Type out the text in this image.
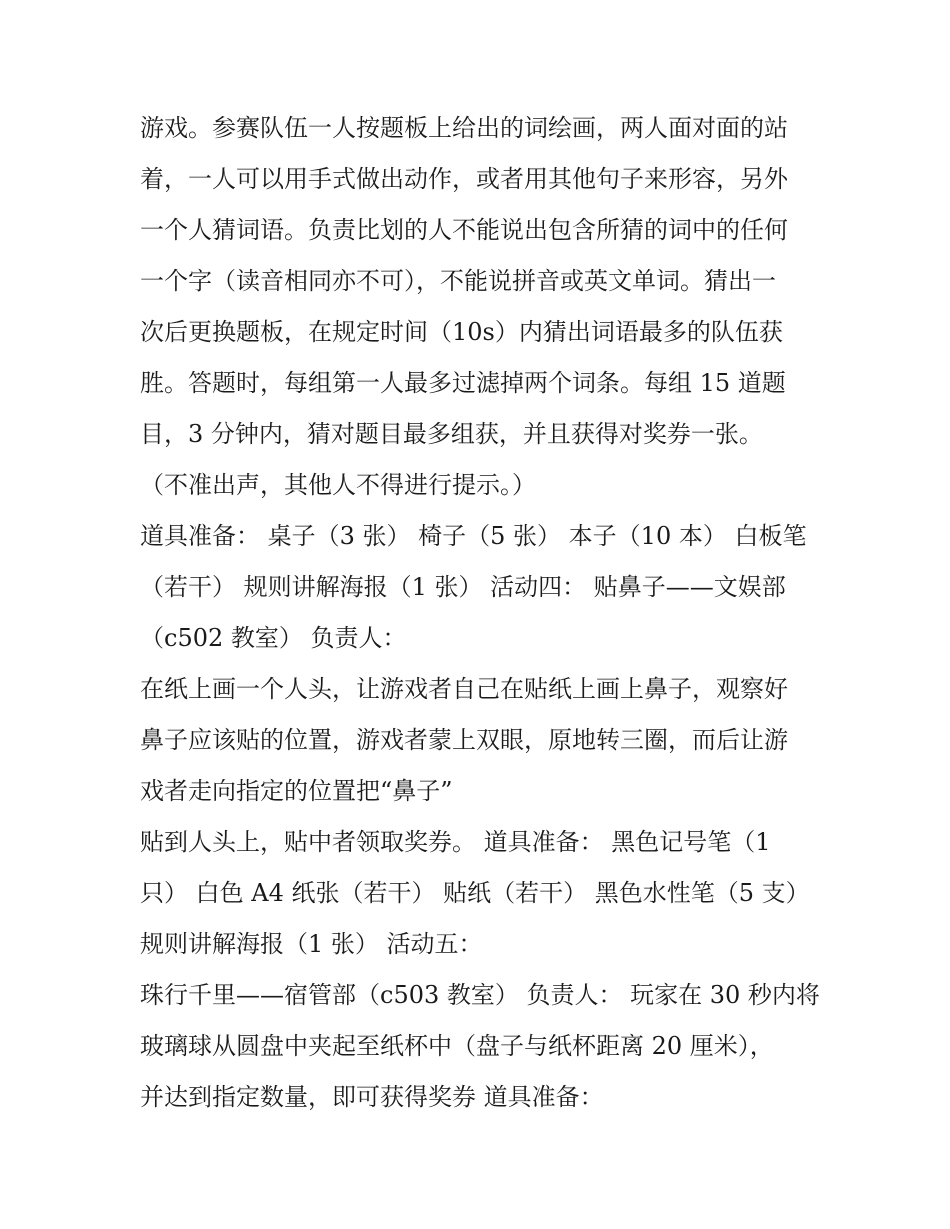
游戏。参赛队伍一人按题板上给出的词绘画，两人面对面的站
着，一人可以用手式做出动作，或者用其他句子来形容，另外
一个人猜词语。负责比划的人不能说出包含所猜的词中的任何
一个字（读音相同亦不可），不能说拼音或英文单词。猜出一
次后更换题板，在规定时间（10s）内猜出词语最多的队伍获
胜。答题时，每组第一人最多过滤掉两个词条。每组 15 道题
目，3 分钟内，猜对题目最多组获，并且获得对奖券一张。
（不准出声，其他人不得进行提示。）
道具准备： 桌子（3 张） 椅子（5 张） 本子（10 本） 白板笔
（若干） 规则讲解海报（1 张） 活动四： 贴鼻子——文娱部
（c502 教室） 负责人：
在纸上画一个人头，让游戏者自己在贴纸上画上鼻子，观察好
鼻子应该贴的位置，游戏者蒙上双眼，原地转三圈，而后让游
戏者走向指定的位置把“鼻子”
贴到人头上，贴中者领取奖券。 道具准备： 黑色记号笔（1
只） 白色 A4 纸张（若干） 贴纸（若干） 黑色水性笔（5 支）
规则讲解海报（1 张） 活动五：
珠行千里——宿管部（c503 教室） 负责人： 玩家在 30 秒内将
玻璃球从圆盘中夹起至纸杯中（盘子与纸杯距离 20 厘米），
并达到指定数量，即可获得奖券 道具准备：
